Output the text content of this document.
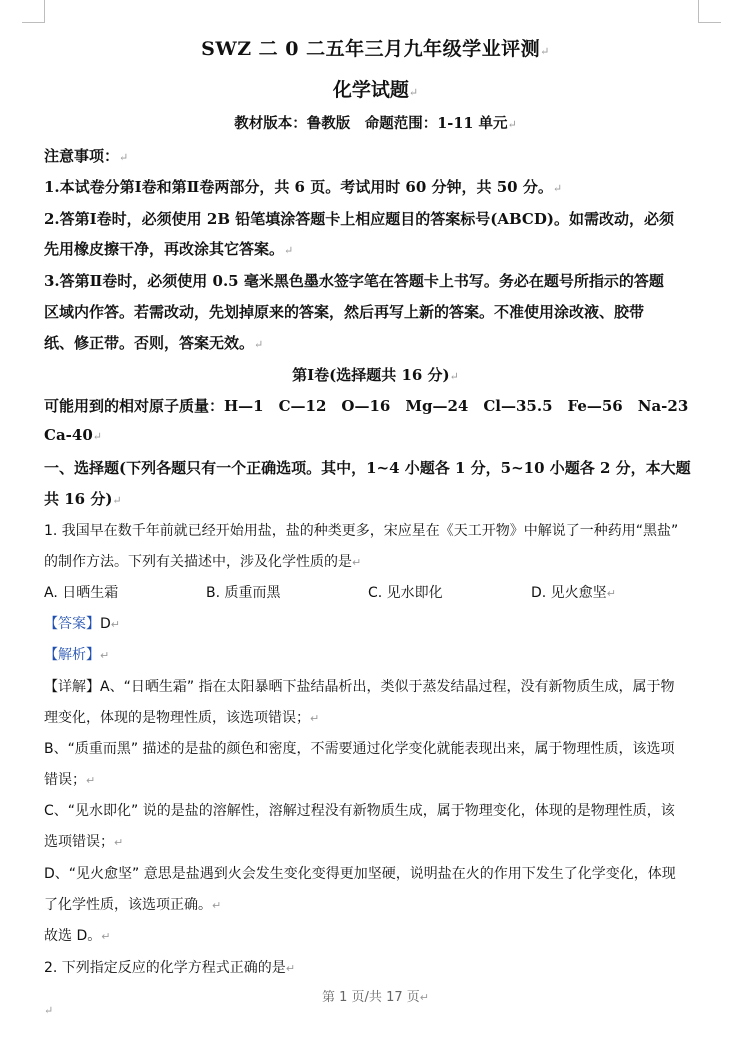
SWZ 二 0 二五年三月九年级学业评测↵
化学试题↵
教材版本：鲁教版　命题范围：1-11 单元↵
注意事项：↵
1.本试卷分第Ⅰ卷和第Ⅱ卷两部分，共 6 页。考试用时 60 分钟，共 50 分。↵
2.答第Ⅰ卷时，必须使用 2B 铅笔填涂答题卡上相应题目的答案标号(ABCD)。如需改动，必须
先用橡皮擦干净，再改涂其它答案。↵
3.答第Ⅱ卷时，必须使用 0.5 毫米黑色墨水签字笔在答题卡上书写。务必在题号所指示的答题
区域内作答。若需改动，先划掉原来的答案，然后再写上新的答案。不准使用涂改液、胶带
纸、修正带。否则，答案无效。↵
第Ⅰ卷(选择题共 16 分)↵
可能用到的相对原子质量：H—1　C—12　O—16　Mg—24　Cl—35.5　Fe—56　Na-23
Ca-40↵
一、选择题(下列各题只有一个正确选项。其中，1~4 小题各 1 分，5~10 小题各 2 分，本大题
共 16 分)↵
1. 我国早在数千年前就已经开始用盐，盐的种类更多，宋应星在《天工开物》中解说了一种药用“黑盐”
的制作方法。下列有关描述中，涉及化学性质的是↵
A. 日晒生霜	B. 质重而黑	C. 见水即化	D. 见火愈坚↵
【答案】D↵
【解析】↵
【详解】A、“日晒生霜” 指在太阳暴晒下盐结晶析出，类似于蒸发结晶过程，没有新物质生成，属于物
理变化，体现的是物理性质，该选项错误；↵
B、“质重而黑” 描述的是盐的颜色和密度，不需要通过化学变化就能表现出来，属于物理性质，该选项
错误；↵
C、“见水即化” 说的是盐的溶解性，溶解过程没有新物质生成，属于物理变化，体现的是物理性质，该
选项错误；↵
D、“见火愈坚” 意思是盐遇到火会发生变化变得更加坚硬，说明盐在火的作用下发生了化学变化，体现
了化学性质，该选项正确。↵
故选 D。↵
2. 下列指定反应的化学方程式正确的是↵
第 1 页/共 17 页↵
↵
